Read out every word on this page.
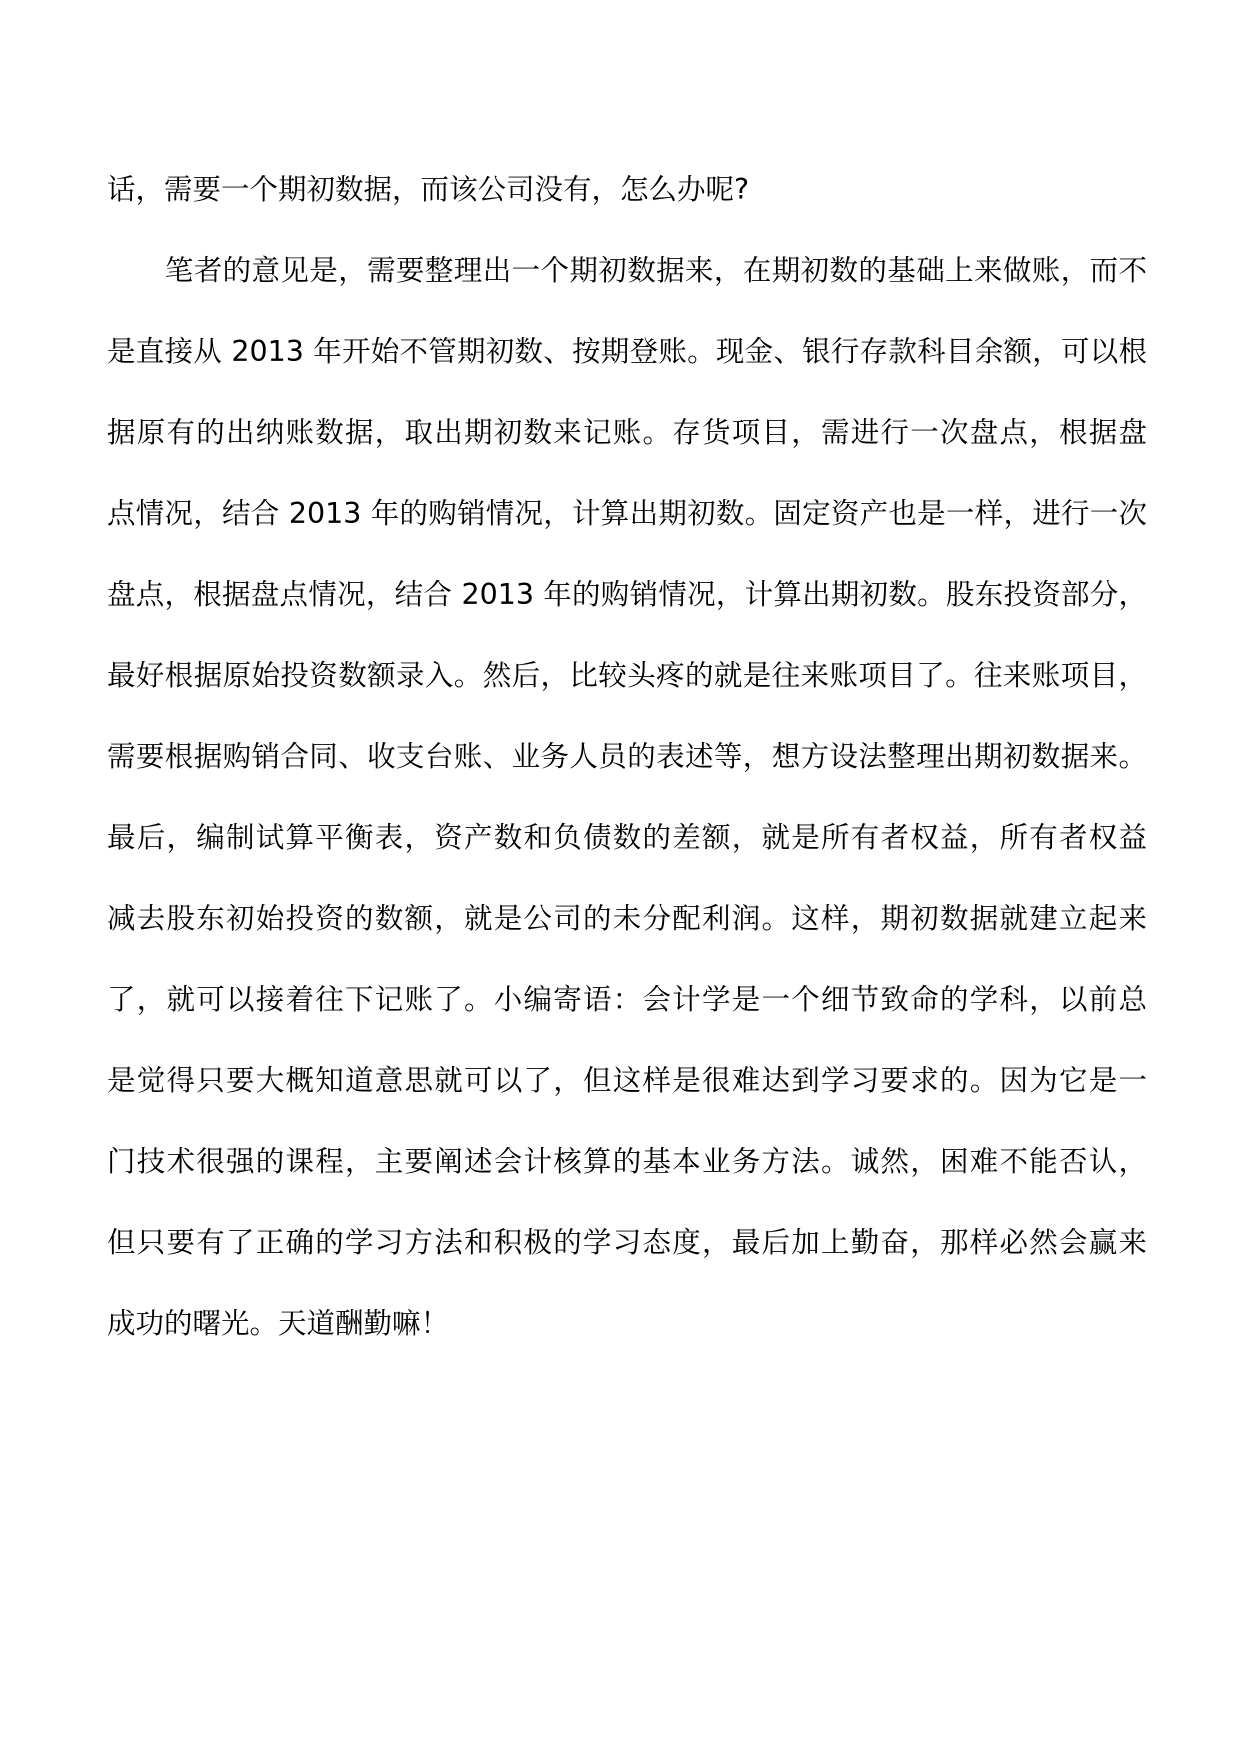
话，需要一个期初数据，而该公司没有，怎么办呢?
　　笔者的意见是，需要整理出一个期初数据来，在期初数的基础上来做账，而不
是直接从 2013 年开始不管期初数、按期登账。现金、银行存款科目余额，可以根
据原有的出纳账数据，取出期初数来记账。存货项目，需进行一次盘点，根据盘
点情况，结合 2013 年的购销情况，计算出期初数。固定资产也是一样，进行一次
盘点，根据盘点情况，结合 2013 年的购销情况，计算出期初数。股东投资部分，
最好根据原始投资数额录入。然后，比较头疼的就是往来账项目了。往来账项目，
需要根据购销合同、收支台账、业务人员的表述等，想方设法整理出期初数据来。
最后，编制试算平衡表，资产数和负债数的差额，就是所有者权益，所有者权益
减去股东初始投资的数额，就是公司的未分配利润。这样，期初数据就建立起来
了，就可以接着往下记账了。小编寄语：会计学是一个细节致命的学科，以前总
是觉得只要大概知道意思就可以了，但这样是很难达到学习要求的。因为它是一
门技术很强的课程，主要阐述会计核算的基本业务方法。诚然，困难不能否认，
但只要有了正确的学习方法和积极的学习态度，最后加上勤奋，那样必然会赢来
成功的曙光。天道酬勤嘛！
